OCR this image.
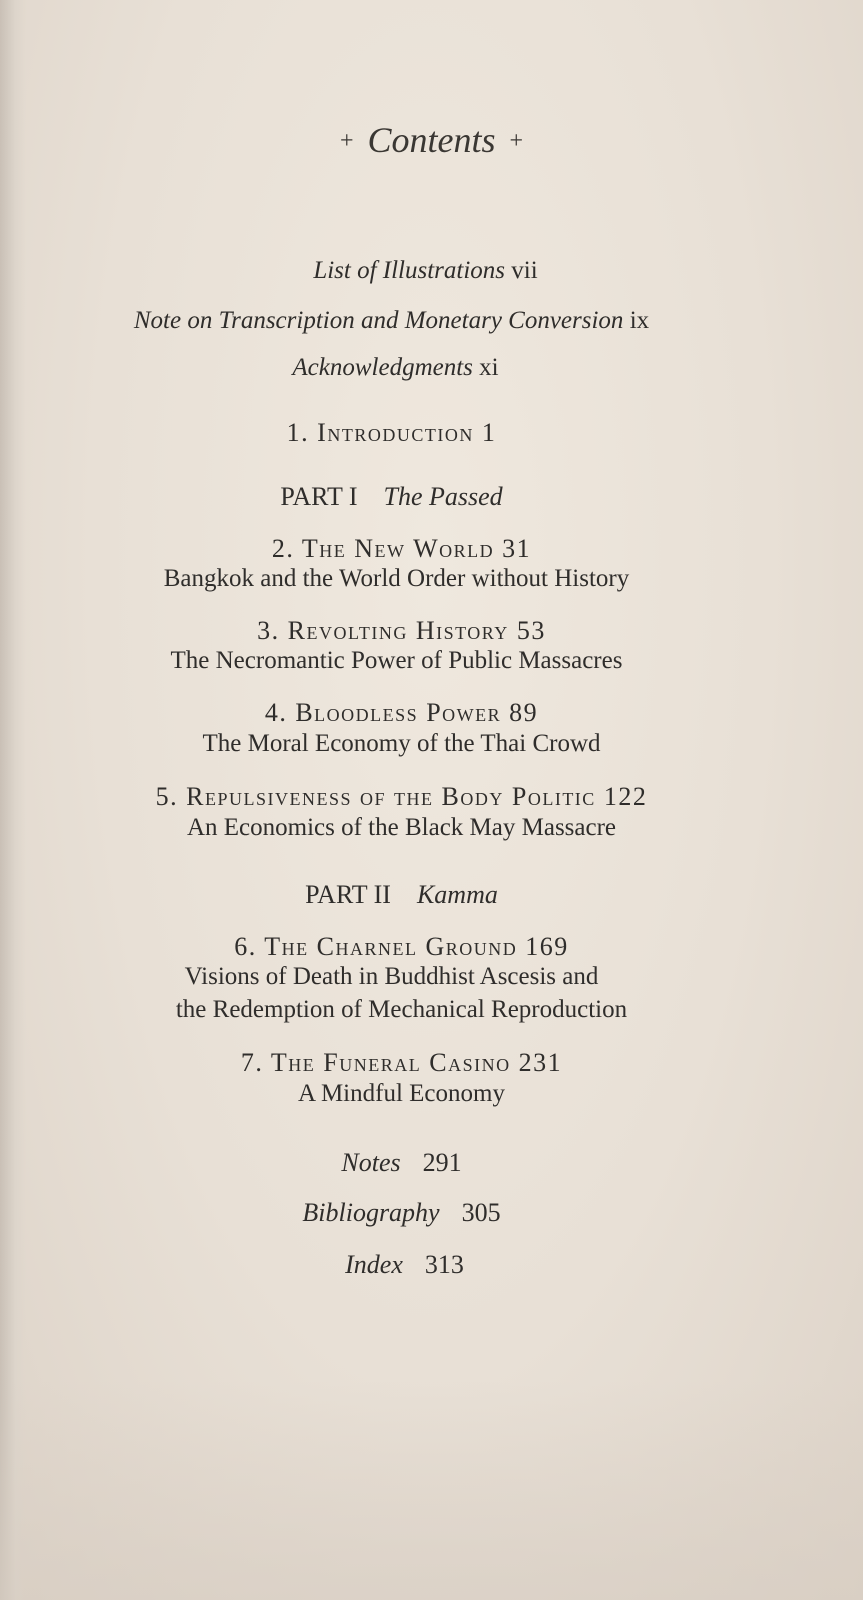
+ Contents +
List of Illustrations vii
Note on Transcription and Monetary Conversion ix
Acknowledgments xi
1. Introduction 1
PART I The Passed
2. The New World 31
Bangkok and the World Order without History
3. Revolting History 53
The Necromantic Power of Public Massacres
4. Bloodless Power 89
The Moral Economy of the Thai Crowd
5. Repulsiveness of the Body Politic 122
An Economics of the Black May Massacre
PART II Kamma
6. The Charnel Ground 169
Visions of Death in Buddhist Ascesis and
the Redemption of Mechanical Reproduction
7. The Funeral Casino 231
A Mindful Economy
Notes 291
Bibliography 305
Index 313
